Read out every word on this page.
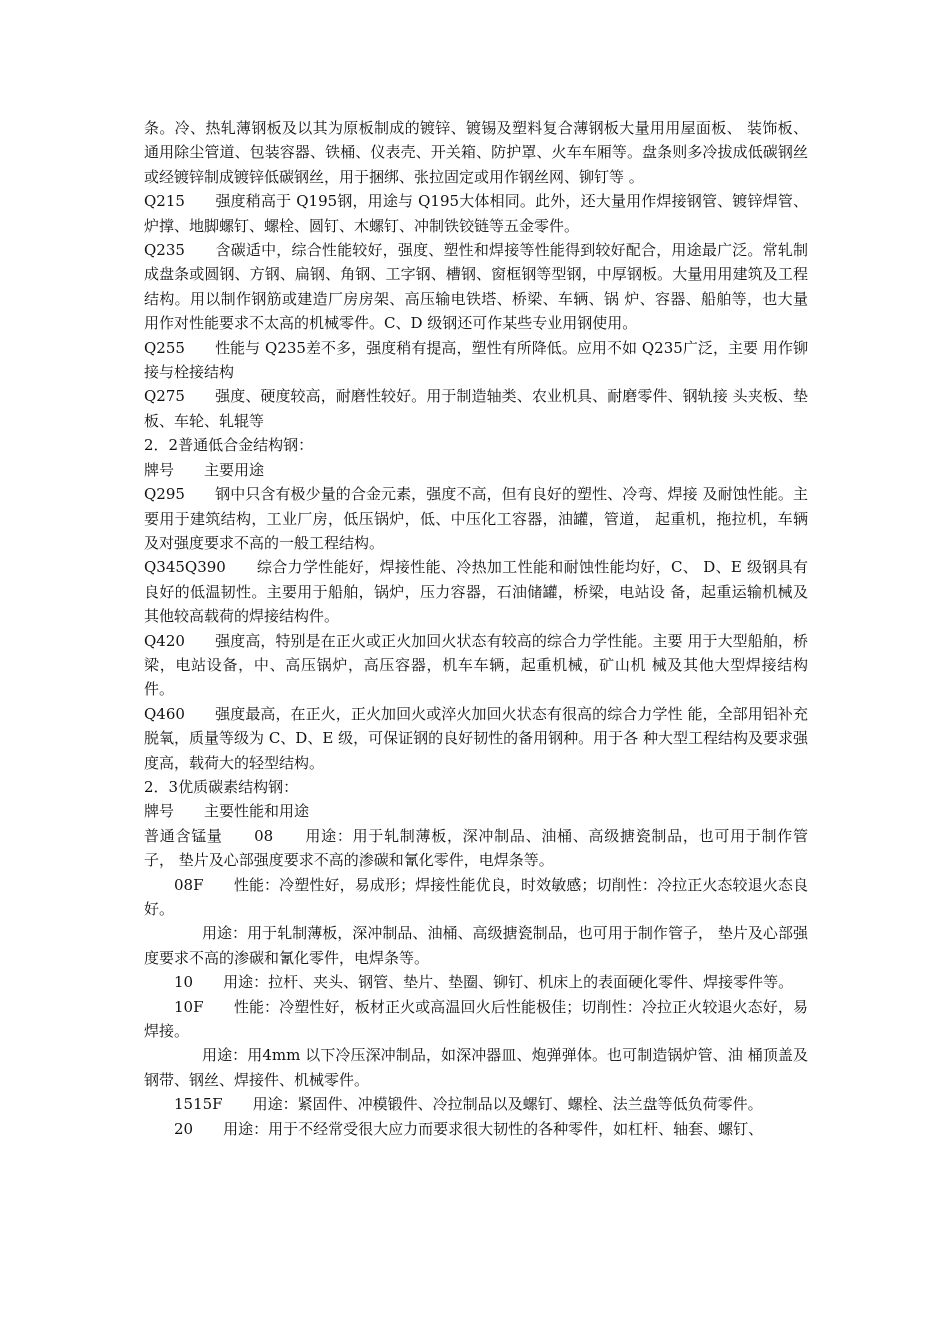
条。冷、热轧薄钢板及以其为原板制成的镀锌、镀锡及塑料复合薄钢板大量用用屋面板、 装饰板、通用除尘管道、包装容器、铁桶、仪表壳、开关箱、防护罩、火车车厢等。盘条则多冷拔成低碳钢丝或经镀锌制成镀锌低碳钢丝，用于捆绑、张拉固定或用作钢丝网、铆钉等 。

Q215　　强度稍高于 Q195钢，用途与 Q195大体相同。此外，还大量用作焊接钢管、镀锌焊管、炉撑、地脚螺钉、螺栓、圆钉、木螺钉、冲制铁铰链等五金零件。

Q235　　含碳适中，综合性能较好，强度、塑性和焊接等性能得到较好配合，用途最广泛。常轧制成盘条或圆钢、方钢、扁钢、角钢、工字钢、槽钢、窗框钢等型钢，中厚钢板。大量用用建筑及工程结构。用以制作钢筋或建造厂房房架、高压输电铁塔、桥梁、车辆、锅 炉、容器、船舶等，也大量用作对性能要求不太高的机械零件。C、D 级钢还可作某些专业用钢使用。

Q255　　性能与 Q235差不多，强度稍有提高，塑性有所降低。应用不如 Q235广泛，主要 用作铆接与栓接结构

Q275　　强度、硬度较高，耐磨性较好。用于制造轴类、农业机具、耐磨零件、钢轨接 头夹板、垫板、车轮、轧辊等

2．2普通低合金结构钢：

牌号　　主要用途

Q295　　钢中只含有极少量的合金元素，强度不高，但有良好的塑性、冷弯、焊接 及耐蚀性能。主要用于建筑结构，工业厂房，低压锅炉，低、中压化工容器，油罐，管道， 起重机，拖拉机，车辆及对强度要求不高的一般工程结构。

Q345Q390　　综合力学性能好，焊接性能、冷热加工性能和耐蚀性能均好，C、 D、E 级钢具有良好的低温韧性。主要用于船舶，锅炉，压力容器，石油储罐，桥梁，电站设 备，起重运输机械及其他较高载荷的焊接结构件。

Q420　　强度高，特别是在正火或正火加回火状态有较高的综合力学性能。主要 用于大型船舶，桥梁，电站设备，中、高压锅炉，高压容器，机车车辆，起重机械，矿山机 械及其他大型焊接结构件。

Q460　　强度最高，在正火，正火加回火或淬火加回火状态有很高的综合力学性 能，全部用铝补充脱氧，质量等级为 C、D、E 级，可保证钢的良好韧性的备用钢种。用于各 种大型工程结构及要求强度高，载荷大的轻型结构。

2．3优质碳素结构钢：

牌号　　主要性能和用途

普通含锰量　　08　　用途：用于轧制薄板，深冲制品、油桶、高级搪瓷制品，也可用于制作管子， 垫片及心部强度要求不高的渗碳和氰化零件，电焊条等。

08F　　性能：冷塑性好，易成形；焊接性能优良，时效敏感；切削性：冷拉正火态较退火态良好。

用途：用于轧制薄板，深冲制品、油桶、高级搪瓷制品，也可用于制作管子， 垫片及心部强度要求不高的渗碳和氰化零件，电焊条等。

10　　用途：拉杆、夹头、钢管、垫片、垫圈、铆钉、机床上的表面硬化零件、焊接零件等。

10F　　性能：冷塑性好，板材正火或高温回火后性能极佳；切削性：冷拉正火较退火态好，易焊接。

用途：用4mm 以下冷压深冲制品，如深冲器皿、炮弹弹体。也可制造锅炉管、油 桶顶盖及钢带、钢丝、焊接件、机械零件。

1515F　　用途：紧固件、冲模锻件、冷拉制品以及螺钉、螺栓、法兰盘等低负荷零件。

20　　用途：用于不经常受很大应力而要求很大韧性的各种零件，如杠杆、轴套、螺钉、
